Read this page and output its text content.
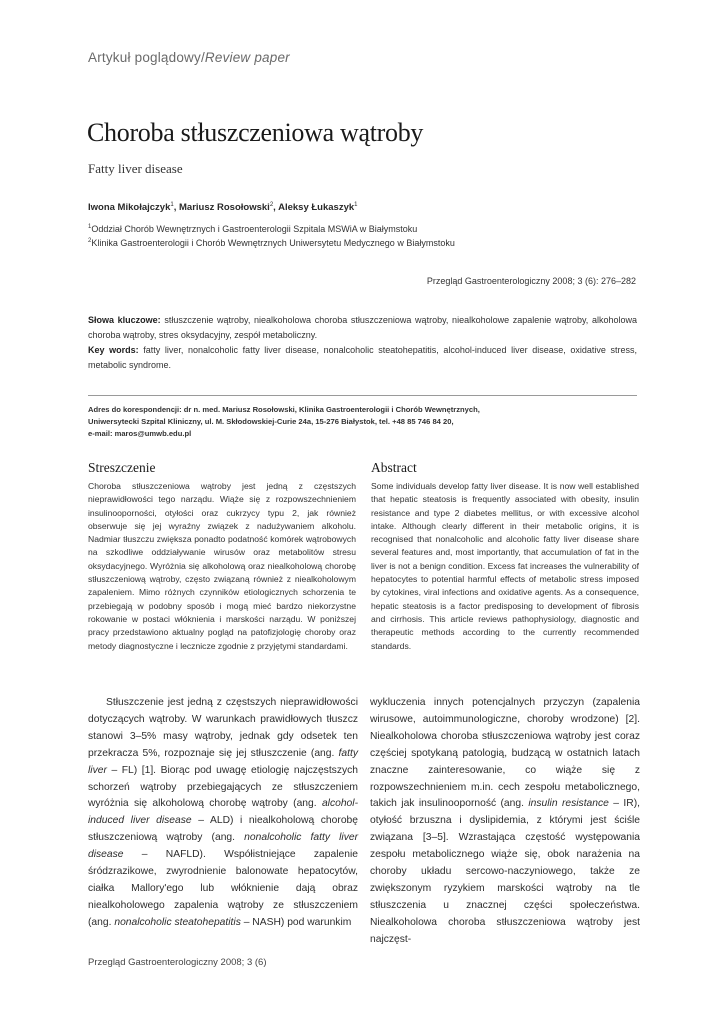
Artykuł poglądowy/Review paper
Choroba stłuszczeniowa wątroby
Fatty liver disease
Iwona Mikołajczyk$^1$, Mariusz Rosołowski$^2$, Aleksy Łukaszyk$^1$
$^1$Oddział Chorób Wewnętrznych i Gastroenterologii Szpitala MSWiA w Białymstoku
$^2$Klinika Gastroenterologii i Chorób Wewnętrznych Uniwersytetu Medycznego w Białymstoku
Przegląd Gastroenterologiczny 2008; 3 (6): 276–282
Słowa kluczowe: stłuszczenie wątroby, niealkoholowa choroba stłuszczeniowa wątroby, niealkoholowe zapalenie wątroby, alkoholowa choroba wątroby, stres oksydacyjny, zespół metaboliczny.
Key words: fatty liver, nonalcoholic fatty liver disease, nonalcoholic steatohepatitis, alcohol-induced liver disease, oxidative stress, metabolic syndrome.
Adres do korespondencji: dr n. med. Mariusz Rosołowski, Klinika Gastroenterologii i Chorób Wewnętrznych,
Uniwersytecki Szpital Kliniczny, ul. M. Skłodowskiej-Curie 24a, 15-276 Białystok, tel. +48 85 746 84 20,
e-mail: maros@umwb.edu.pl
Streszczenie

Choroba stłuszczeniowa wątroby jest jedną z częstszych nieprawidłowości tego narządu. Wiąże się z rozpowszechnieniem insulinooporności, otyłości oraz cukrzycy typu 2, jak również obserwuje się jej wyraźny związek z nadużywaniem alkoholu. Nadmiar tłuszczu zwiększa ponadto podatność komórek wątrobowych na szkodliwe oddziaływanie wirusów oraz metabolitów stresu oksydacyjnego. Wyróżnia się alkoholową oraz niealkoholową chorobę stłuszczeniową wątroby, często związaną również z niealkoholowym zapaleniem. Mimo różnych czynników etiologicznych schorzenia te przebiegają w podobny sposób i mogą mieć bardzo niekorzystne rokowanie w postaci włóknienia i marskości narządu. W poniższej pracy przedstawiono aktualny pogląd na patofizjologię choroby oraz metody diagnostyczne i lecznicze zgodnie z przyjętymi standardami.

Abstract

Some individuals develop fatty liver disease. It is now well established that hepatic steatosis is frequently associated with obesity, insulin resistance and type 2 diabetes mellitus, or with excessive alcohol intake. Although clearly different in their metabolic origins, it is recognised that nonalcoholic and alcoholic fatty liver disease share several features and, most importantly, that accumulation of fat in the liver is not a benign condition. Excess fat increases the vulnerability of hepatocytes to potential harmful effects of metabolic stress imposed by cytokines, viral infections and oxidative agents. As a consequence, hepatic steatosis is a factor predisposing to development of fibrosis and cirrhosis. This article reviews pathophysiology, diagnostic and therapeutic methods according to the currently recommended standards.

Stłuszczenie jest jedną z częstszych nieprawidłowości dotyczących wątroby. W warunkach prawidłowych tłuszcz stanowi 3–5% masy wątroby, jednak gdy odsetek ten przekracza 5%, rozpoznaje się jej stłuszczenie (ang. fatty liver – FL) [1]. Biorąc pod uwagę etiologię najczęstszych schorzeń wątroby przebiegających ze stłuszczeniem wyróżnia się alkoholową chorobę wątroby (ang. alcohol-induced liver disease – ALD) i niealkoholową chorobę stłuszczeniową wątroby (ang. nonalcoholic fatty liver disease – NAFLD). Współistniejące zapalenie śródzrazikowe, zwyrodnienie balonowate hepatocytów, ciałka Mallory'ego lub włóknienie dają obraz niealkoholowego zapalenia wątroby ze stłuszczeniem (ang. nonalcoholic steatohepatitis – NASH) pod warunkim

wykluczenia innych potencjalnych przyczyn (zapalenia wirusowe, autoimmunologiczne, choroby wrodzone) [2]. Niealkoholowa choroba stłuszczeniowa wątroby jest coraz częściej spotykaną patologią, budzącą w ostatnich latach znaczne zainteresowanie, co wiąże się z rozpowszechnieniem m.in. cech zespołu metabolicznego, takich jak insulinooporność (ang. insulin resistance – IR), otyłość brzuszna i dyslipidemia, z którymi jest ściśle związana [3–5]. Wzrastająca częstość występowania zespołu metabolicznego wiąże się, obok narażenia na choroby układu sercowo-naczyniowego, także ze zwiększonym ryzykiem marskości wątroby na tle stłuszczenia u znacznej części społeczeństwa. Niealkoholowa choroba stłuszczeniowa wątroby jest najczęst-

Przegląd Gastroenterologiczny 2008; 3 (6)
